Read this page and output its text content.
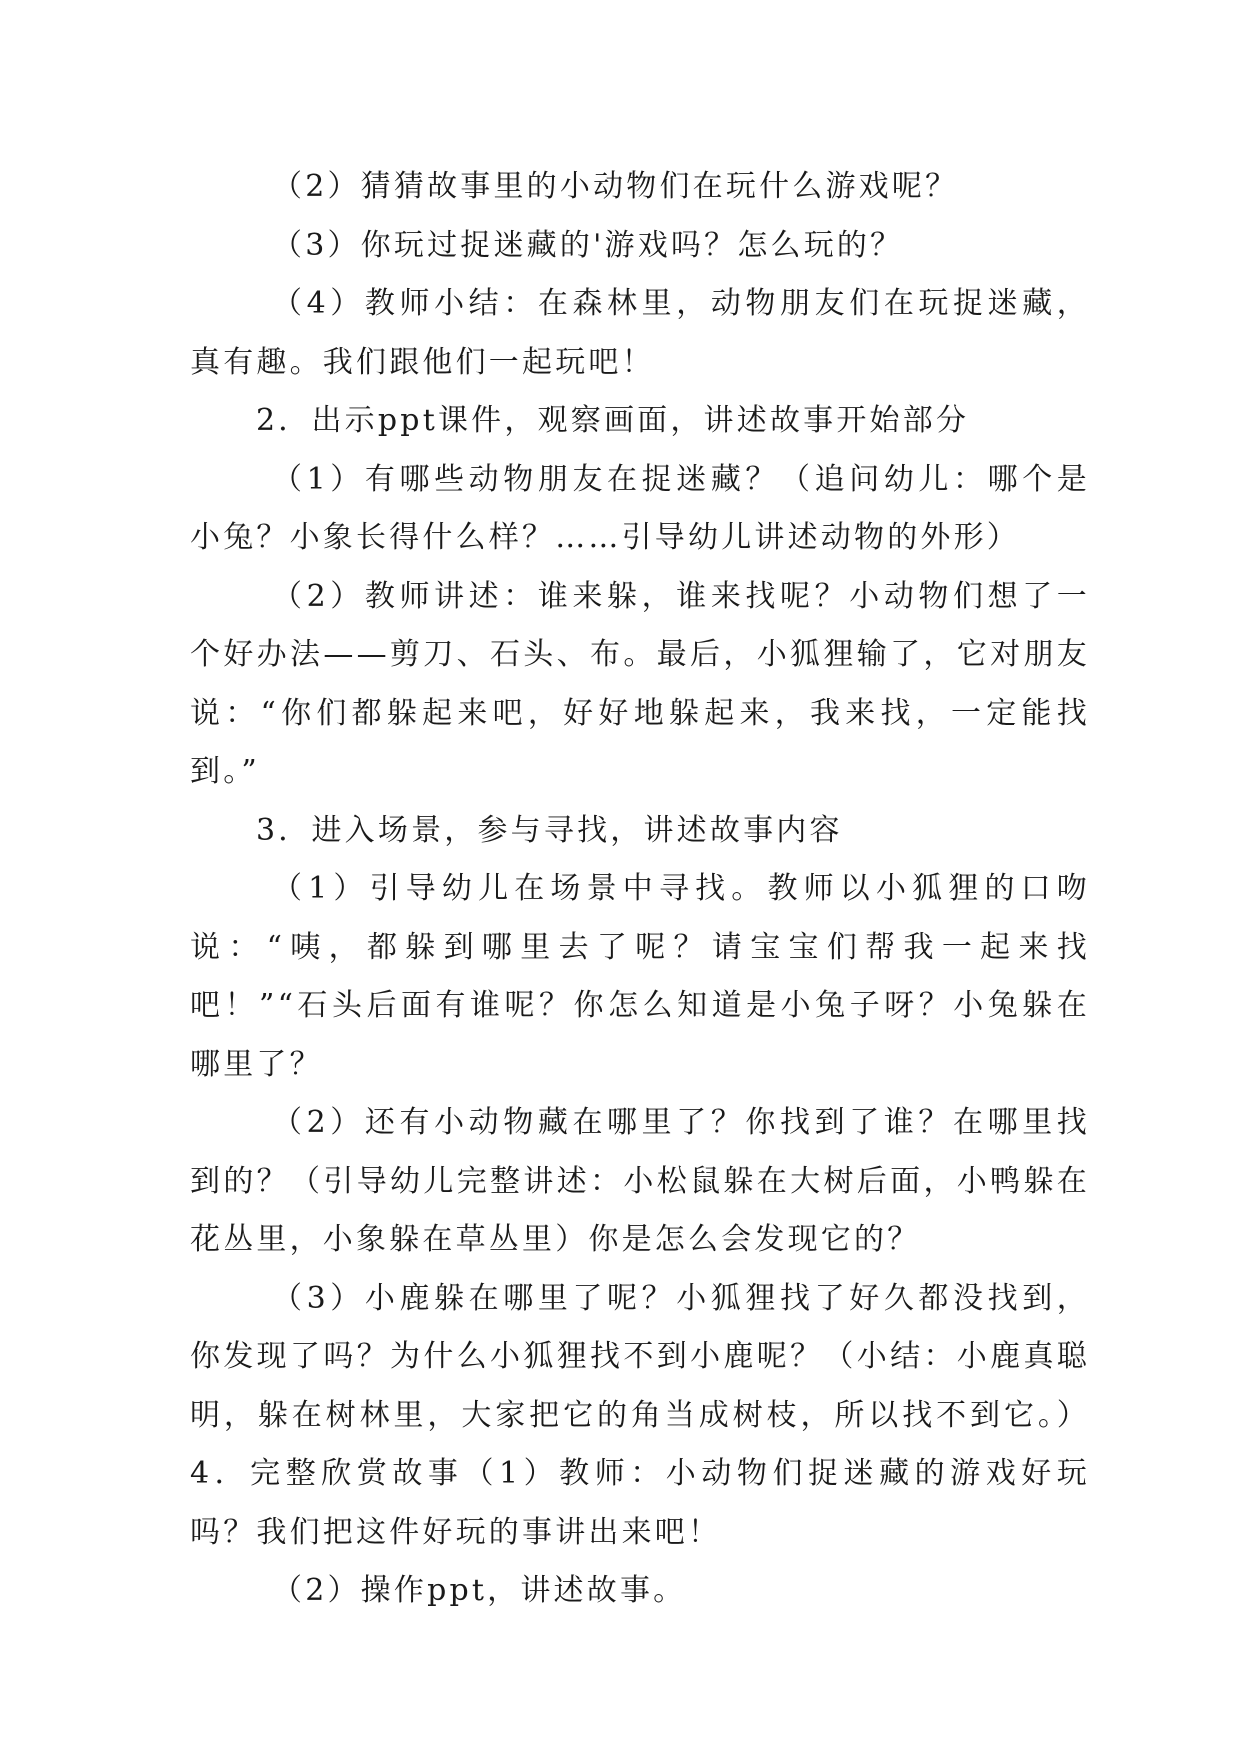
（2）猜猜故事里的小动物们在玩什么游戏呢？

（3）你玩过捉迷藏的'游戏吗？怎么玩的？

（4）教师小结：在森林里，动物朋友们在玩捉迷藏，真有趣。我们跟他们一起玩吧！

2．出示ppt课件，观察画面，讲述故事开始部分

（1）有哪些动物朋友在捉迷藏？（追问幼儿：哪个是小兔？小象长得什么样？……引导幼儿讲述动物的外形）

（2）教师讲述：谁来躲，谁来找呢？小动物们想了一个好办法——剪刀、石头、布。最后，小狐狸输了，它对朋友说：“你们都躲起来吧，好好地躲起来，我来找，一定能找到。”

3．进入场景，参与寻找，讲述故事内容

（1）引导幼儿在场景中寻找。教师以小狐狸的口吻说：“咦，都躲到哪里去了呢？请宝宝们帮我一起来找吧！”“石头后面有谁呢？你怎么知道是小兔子呀？小兔躲在哪里了？

（2）还有小动物藏在哪里了？你找到了谁？在哪里找到的？（引导幼儿完整讲述：小松鼠躲在大树后面，小鸭躲在花丛里，小象躲在草丛里）你是怎么会发现它的？

（3）小鹿躲在哪里了呢？小狐狸找了好久都没找到，你发现了吗？为什么小狐狸找不到小鹿呢？（小结：小鹿真聪明，躲在树林里，大家把它的角当成树枝，所以找不到它。）4．完整欣赏故事（1）教师：小动物们捉迷藏的游戏好玩吗？我们把这件好玩的事讲出来吧！

（2）操作ppt，讲述故事。
